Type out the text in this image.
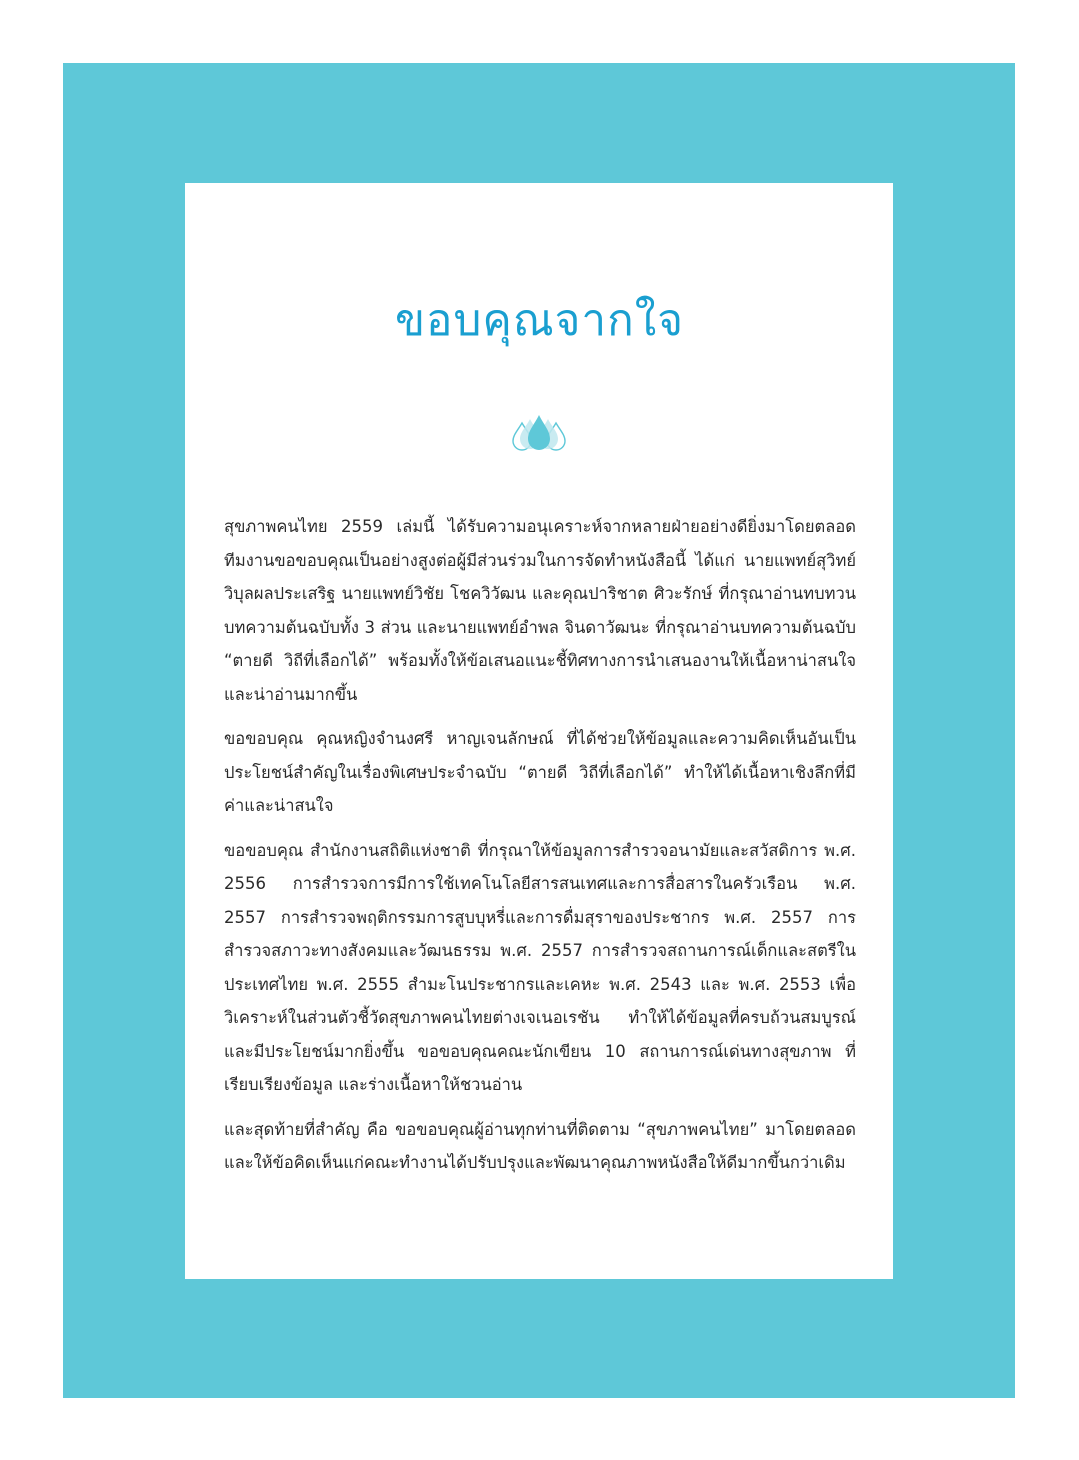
ขอบคุณจากใจ

สุขภาพคนไทย 2559 เล่มนี้ ได้รับความอนุเคราะห์จากหลายฝ่ายอย่างดียิ่งมาโดยตลอด ทีมงานขอขอบคุณเป็นอย่างสูงต่อผู้มีส่วนร่วมในการจัดทำหนังสือนี้ ได้แก่ นายแพทย์สุวิทย์ วิบุลผลประเสริฐ นายแพทย์วิชัย โชควิวัฒน และคุณปาริชาต ศิวะรักษ์ ที่กรุณาอ่านทบทวนบทความต้นฉบับทั้ง 3 ส่วน และนายแพทย์อำพล จินดาวัฒนะ ที่กรุณาอ่านบทความต้นฉบับ “ตายดี วิถีที่เลือกได้” พร้อมทั้งให้ข้อเสนอแนะชี้ทิศทางการนำเสนองานให้เนื้อหาน่าสนใจและน่าอ่านมากขึ้น

ขอขอบคุณ คุณหญิงจำนงศรี หาญเจนลักษณ์ ที่ได้ช่วยให้ข้อมูลและความคิดเห็นอันเป็นประโยชน์สำคัญในเรื่องพิเศษประจำฉบับ “ตายดี วิถีที่เลือกได้” ทำให้ได้เนื้อหาเชิงลึกที่มีค่าและน่าสนใจ

ขอขอบคุณ สำนักงานสถิติแห่งชาติ ที่กรุณาให้ข้อมูลการสำรวจอนามัยและสวัสดิการ พ.ศ. 2556 การสำรวจการมีการใช้เทคโนโลยีสารสนเทศและการสื่อสารในครัวเรือน พ.ศ. 2557 การสำรวจพฤติกรรมการสูบบุหรี่และการดื่มสุราของประชากร พ.ศ. 2557 การสำรวจสภาวะทางสังคมและวัฒนธรรม พ.ศ. 2557 การสำรวจสถานการณ์เด็กและสตรีในประเทศไทย พ.ศ. 2555 สำมะโนประชากรและเคหะ พ.ศ. 2543 และ พ.ศ. 2553 เพื่อวิเคราะห์ในส่วนตัวชี้วัดสุขภาพคนไทยต่างเจเนอเรชัน ทำให้ได้ข้อมูลที่ครบถ้วนสมบูรณ์ และมีประโยชน์มากยิ่งขึ้น ขอขอบคุณคณะนักเขียน 10 สถานการณ์เด่นทางสุขภาพ ที่เรียบเรียงข้อมูล และร่างเนื้อหาให้ชวนอ่าน

และสุดท้ายที่สำคัญ คือ ขอขอบคุณผู้อ่านทุกท่านที่ติดตาม “สุขภาพคนไทย” มาโดยตลอด และให้ข้อคิดเห็นแก่คณะทำงานได้ปรับปรุงและพัฒนาคุณภาพหนังสือให้ดีมากขึ้นกว่าเดิม
